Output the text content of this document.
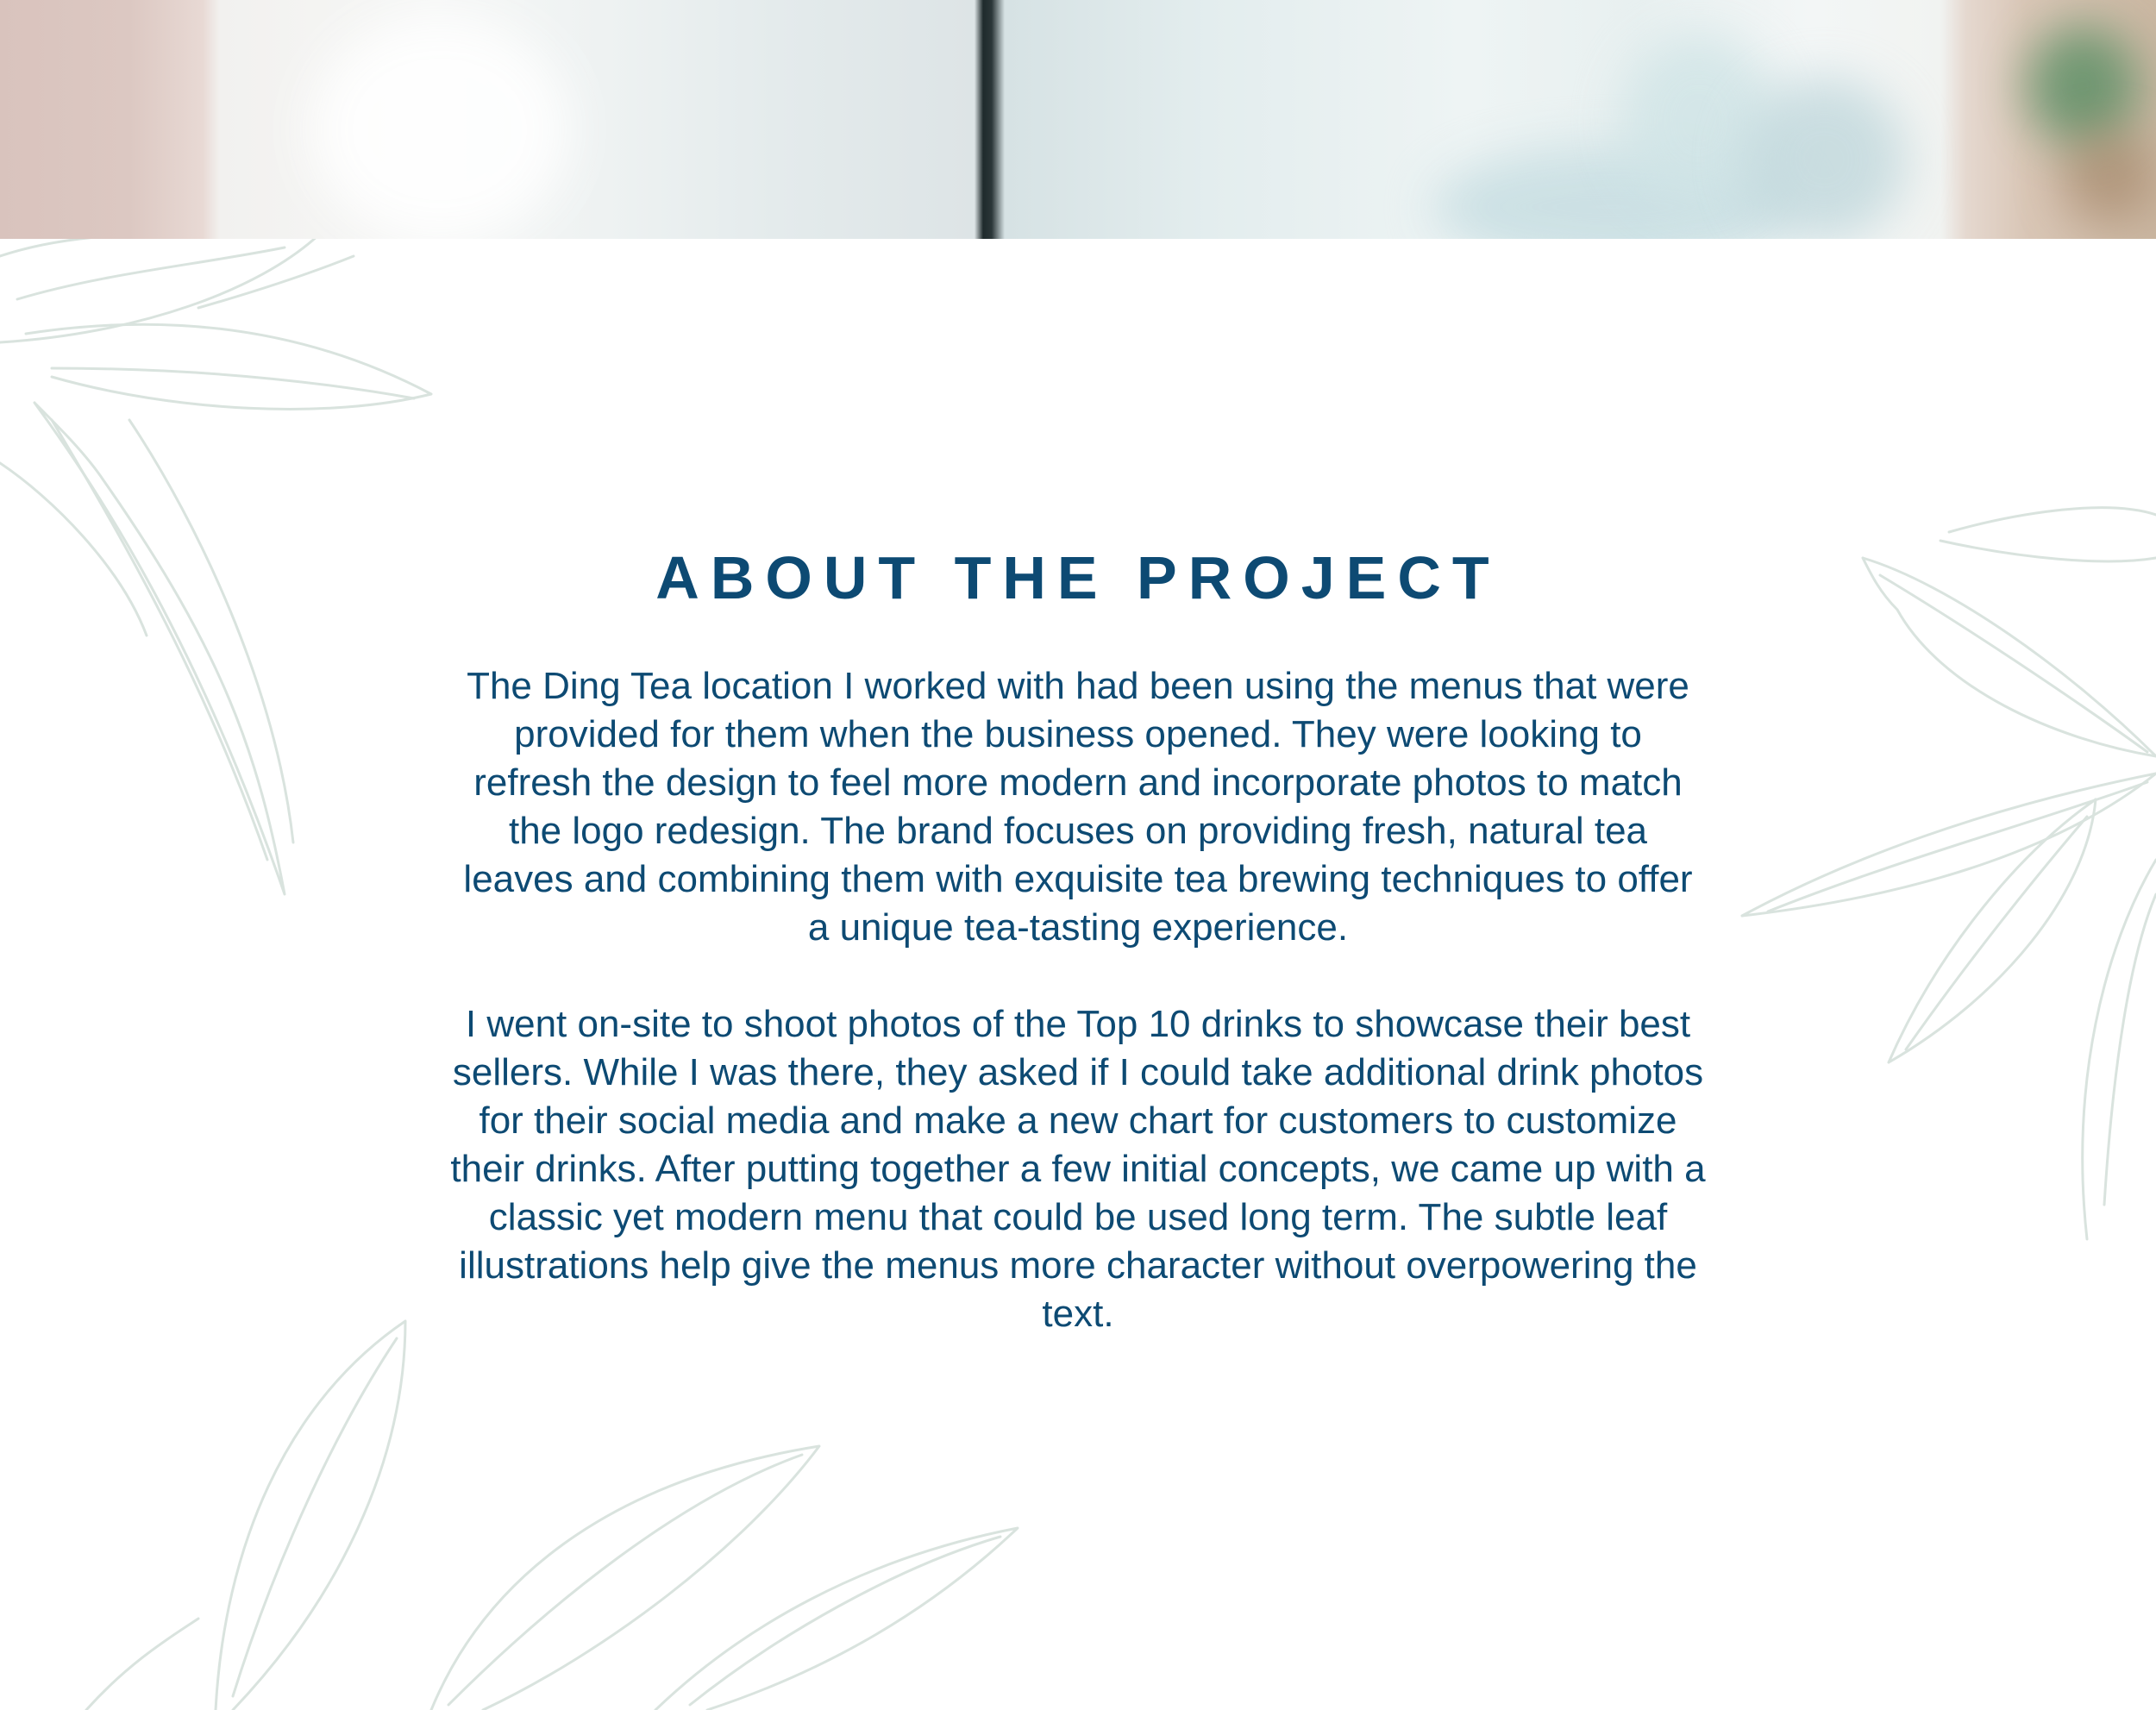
ABOUT THE PROJECT

The Ding Tea location I worked with had been using the menus that were provided for them when the business opened. They were looking to refresh the design to feel more modern and incorporate photos to match the logo redesign. The brand focuses on providing fresh, natural tea leaves and combining them with exquisite tea brewing techniques to offer a unique tea-tasting experience.

I went on-site to shoot photos of the Top 10 drinks to showcase their best sellers. While I was there, they asked if I could take additional drink photos for their social media and make a new chart for customers to customize their drinks. After putting together a few initial concepts, we came up with a classic yet modern menu that could be used long term. The subtle leaf illustrations help give the menus more character without overpowering the text.
